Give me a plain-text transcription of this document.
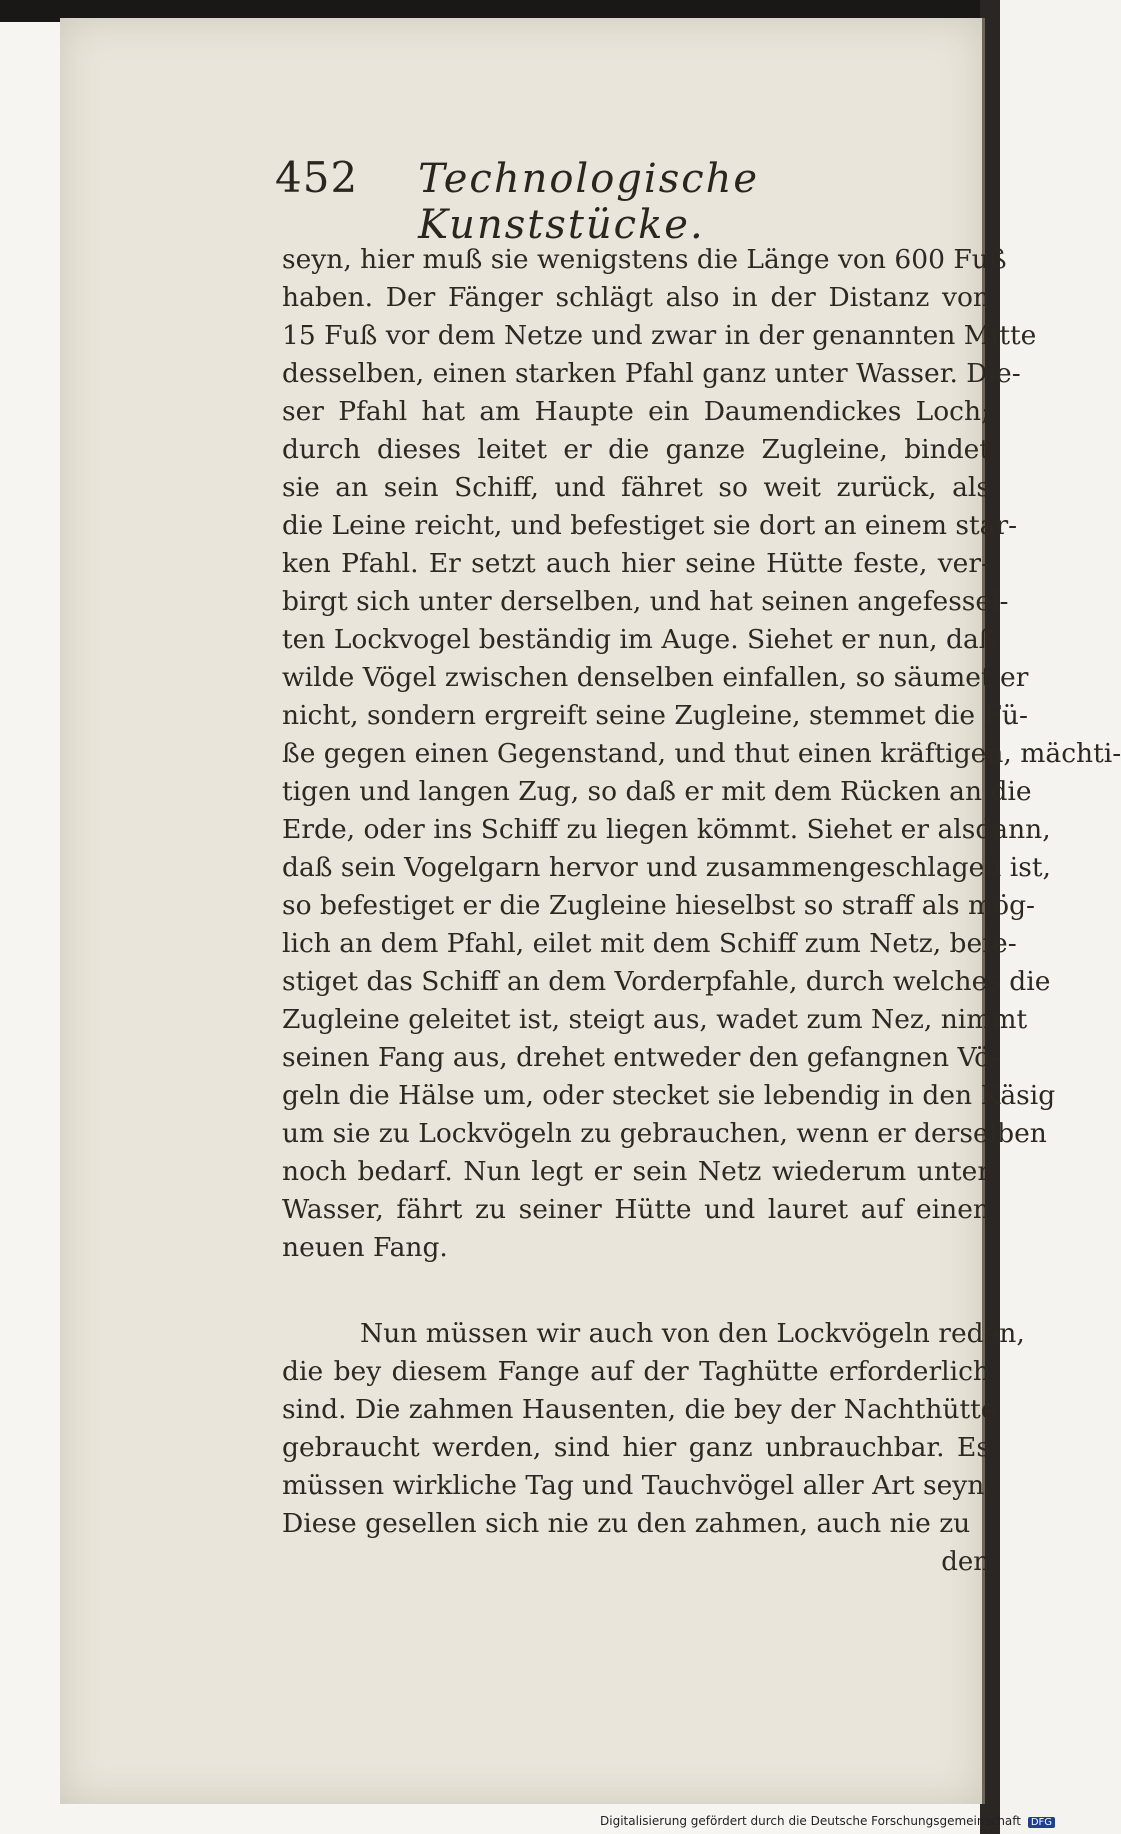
452 Technologische Kunststücke.
seyn, hier muß sie wenigstens die Länge von 600 Fuß
haben. Der Fänger schlägt also in der Distanz von
15 Fuß vor dem Netze und zwar in der genannten Mitte
desselben, einen starken Pfahl ganz unter Wasser. Die-
ser Pfahl hat am Haupte ein Daumendickes Loch;
durch dieses leitet er die ganze Zugleine, bindet
sie an sein Schiff, und fähret so weit zurück, als
die Leine reicht, und befestiget sie dort an einem star-
ken Pfahl. Er setzt auch hier seine Hütte feste, ver-
birgt sich unter derselben, und hat seinen angefessel-
ten Lockvogel beständig im Auge. Siehet er nun, daß
wilde Vögel zwischen denselben einfallen, so säumet er
nicht, sondern ergreift seine Zugleine, stemmet die Fü-
ße gegen einen Gegenstand, und thut einen kräftigen, mächti-
tigen und langen Zug, so daß er mit dem Rücken an die
Erde, oder ins Schiff zu liegen kömmt. Siehet er alsdann,
daß sein Vogelgarn hervor und zusammengeschlagen ist,
so befestiget er die Zugleine hieselbst so straff als mög-
lich an dem Pfahl, eilet mit dem Schiff zum Netz, befe-
stiget das Schiff an dem Vorderpfahle, durch welches die
Zugleine geleitet ist, steigt aus, wadet zum Nez, nimmt
seinen Fang aus, drehet entweder den gefangnen Vö-
geln die Hälse um, oder stecket sie lebendig in den Käsig
um sie zu Lockvögeln zu gebrauchen, wenn er derselben
noch bedarf. Nun legt er sein Netz wiederum unter
Wasser, fährt zu seiner Hütte und lauret auf einen
neuen Fang.
Nun müssen wir auch von den Lockvögeln reden,
die bey diesem Fange auf der Taghütte erforderlich
sind. Die zahmen Hausenten, die bey der Nachthütte
gebraucht werden, sind hier ganz unbrauchbar. Es
müssen wirkliche Tag und Tauchvögel aller Art seyn.
Diese gesellen sich nie zu den zahmen, auch nie zu
den
Digitalisierung gefördert durch die Deutsche Forschungsgemeinschaft DFG
